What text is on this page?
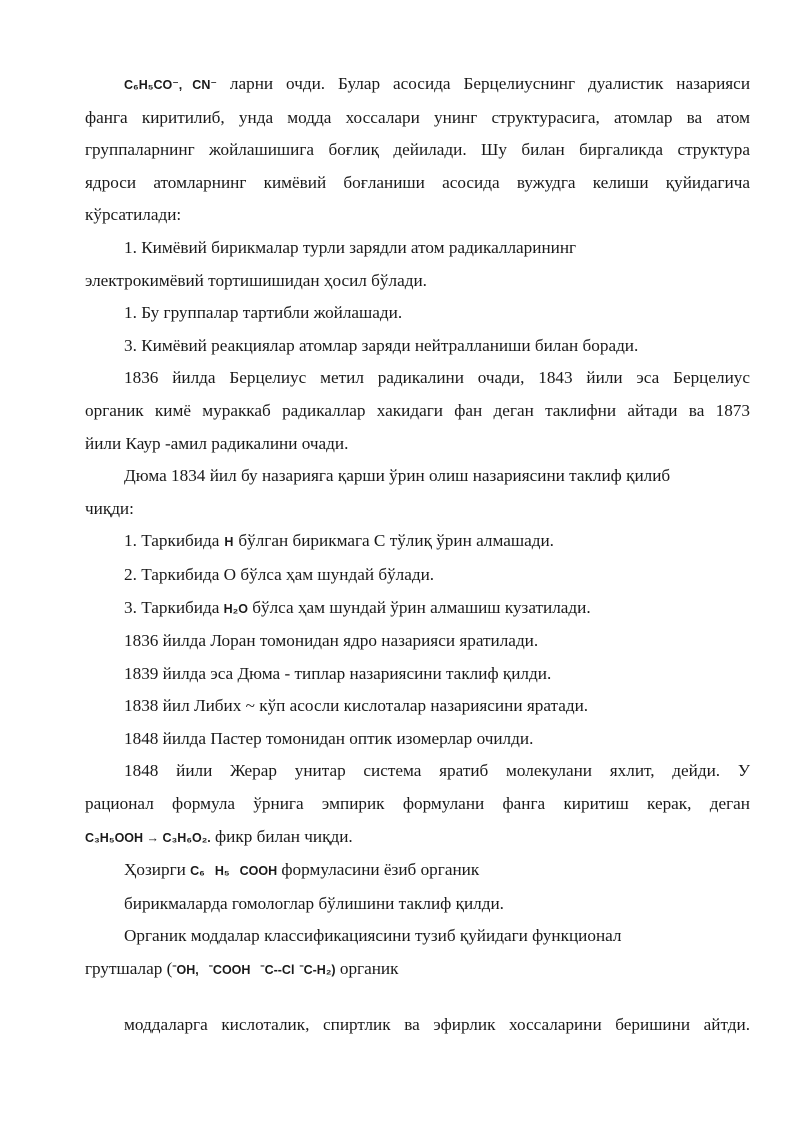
C₆H₅CO⁻, CN⁻ ларни очди. Булар асосида Берцелиуснинг дуалистик назарияси

фанга киритилиб, унда модда хоссалари унинг структурасига, атомлар ва атом

группаларнинг жойлашишига боғлиқ дейилади. Шу билан биргаликда структура

ядроси атомларнинг кимёвий боғланиши асосида вужудга келиши қуйидагича

кўрсатилади:

1. Кимёвий бирикмалар турли зарядли атом радикалларининг

электрокимёвий тортишишидан ҳосил бўлади.

1. Бу группалар тартибли жойлашади.

3. Кимёвий реакциялар атомлар заряди нейтралланиши билан боради.

1836 йилда Берцелиус метил радикалини очади, 1843 йили эса Берцелиус

органик кимё мураккаб радикаллар хакидаги фан деган таклифни айтади ва 1873

йили Каур -амил радикалини очади.

Дюма 1834 йил бу назарияга қарши ўрин олиш назариясини таклиф қилиб

чиқди:

1. Таркибида H бўлган бирикмага С тўлиқ ўрин алмашади.

2. Таркибида О бўлса ҳам шундай бўлади.

3. Таркибида H₂O бўлса ҳам шундай ўрин алмашиш кузатилади.

1836 йилда Лоран томонидан ядро назарияси яратилади.

1839 йилда эса Дюма - типлар назариясини таклиф қилди.

1838 йил Либих ~ кўп асосли кислоталар назариясини яратади.

1848 йилда Пастер томонидан оптик изомерлар очилди.

1848 йили Жерар унитар система яратиб молекулани яхлит, дейди. У

рационал формула ўрнига эмпирик формулани фанга киритиш керак, деган

C₃H₅OOH → C₃H₆O₂. фикр билан чиқди.

Ҳозирги C₆ H₅ COOH формуласини ёзиб органик

бирикмаларда гомологлар бўлишини таклиф қилди.

Органик моддалар классификациясини тузиб қуйидаги функционал

грутшалар (ˉOH, ˉCOOH ˉC--Cl ˉC-H₂) органик

моддаларга кислоталик, спиртлик ва эфирлик хоссаларини беришини айтди.
